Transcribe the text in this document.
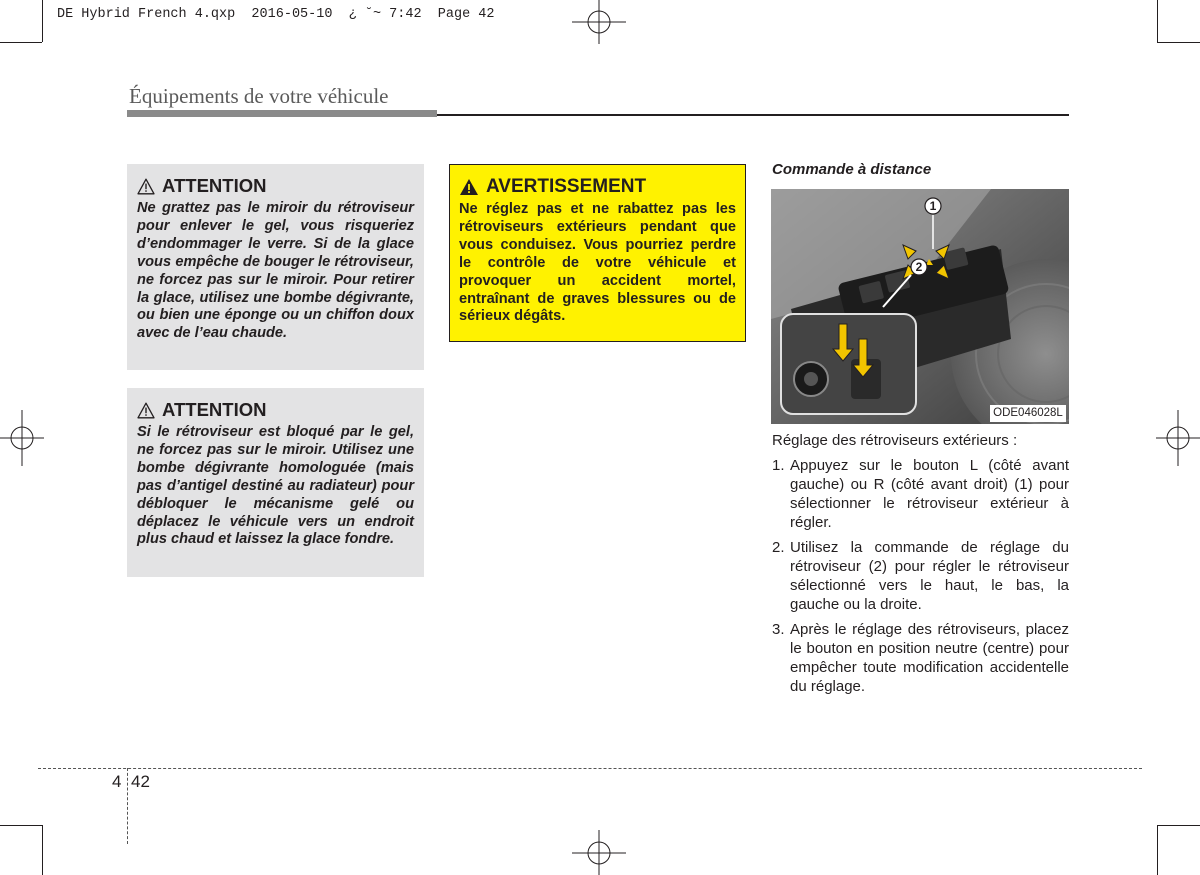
DE Hybrid French 4.qxp  2016-05-10  ¿ ˘~ 7:42  Page 42
Équipements de votre véhicule
ATTENTION

Ne grattez pas le miroir du rétroviseur pour enlever le gel, vous risqueriez d’endommager le verre. Si de la glace vous empêche de bouger le rétroviseur, ne forcez pas sur le miroir. Pour retirer la glace, utilisez une bombe dégivrante, ou bien une éponge ou un chiffon doux avec de l’eau chaude.

ATTENTION

Si le rétroviseur est bloqué par le gel, ne forcez pas sur le miroir. Utilisez une bombe dégivrante homologuée (mais pas d’antigel destiné au radiateur) pour débloquer le mécanisme gelé ou déplacez le véhicule vers un endroit plus chaud et laissez la glace fondre.

AVERTISSEMENT

Ne réglez pas et ne rabattez pas les rétroviseurs extérieurs pendant que vous conduisez. Vous pourriez perdre le contrôle de votre véhicule et provoquer un accident mortel, entraînant de graves blessures ou de sérieux dégâts.

Commande à distance
1
2
ODE046028L
Réglage des rétroviseurs extérieurs :
1. Appuyez sur le bouton L (côté avant gauche) ou R (côté avant droit) (1) pour sélectionner le rétroviseur extérieur à régler.
2. Utilisez la commande de réglage du rétroviseur (2) pour régler le rétroviseur sélectionné vers le haut, le bas, la gauche ou la droite.
3. Après le réglage des rétroviseurs, placez le bouton en position neutre (centre) pour empêcher toute modification accidentelle du réglage.
4 42
